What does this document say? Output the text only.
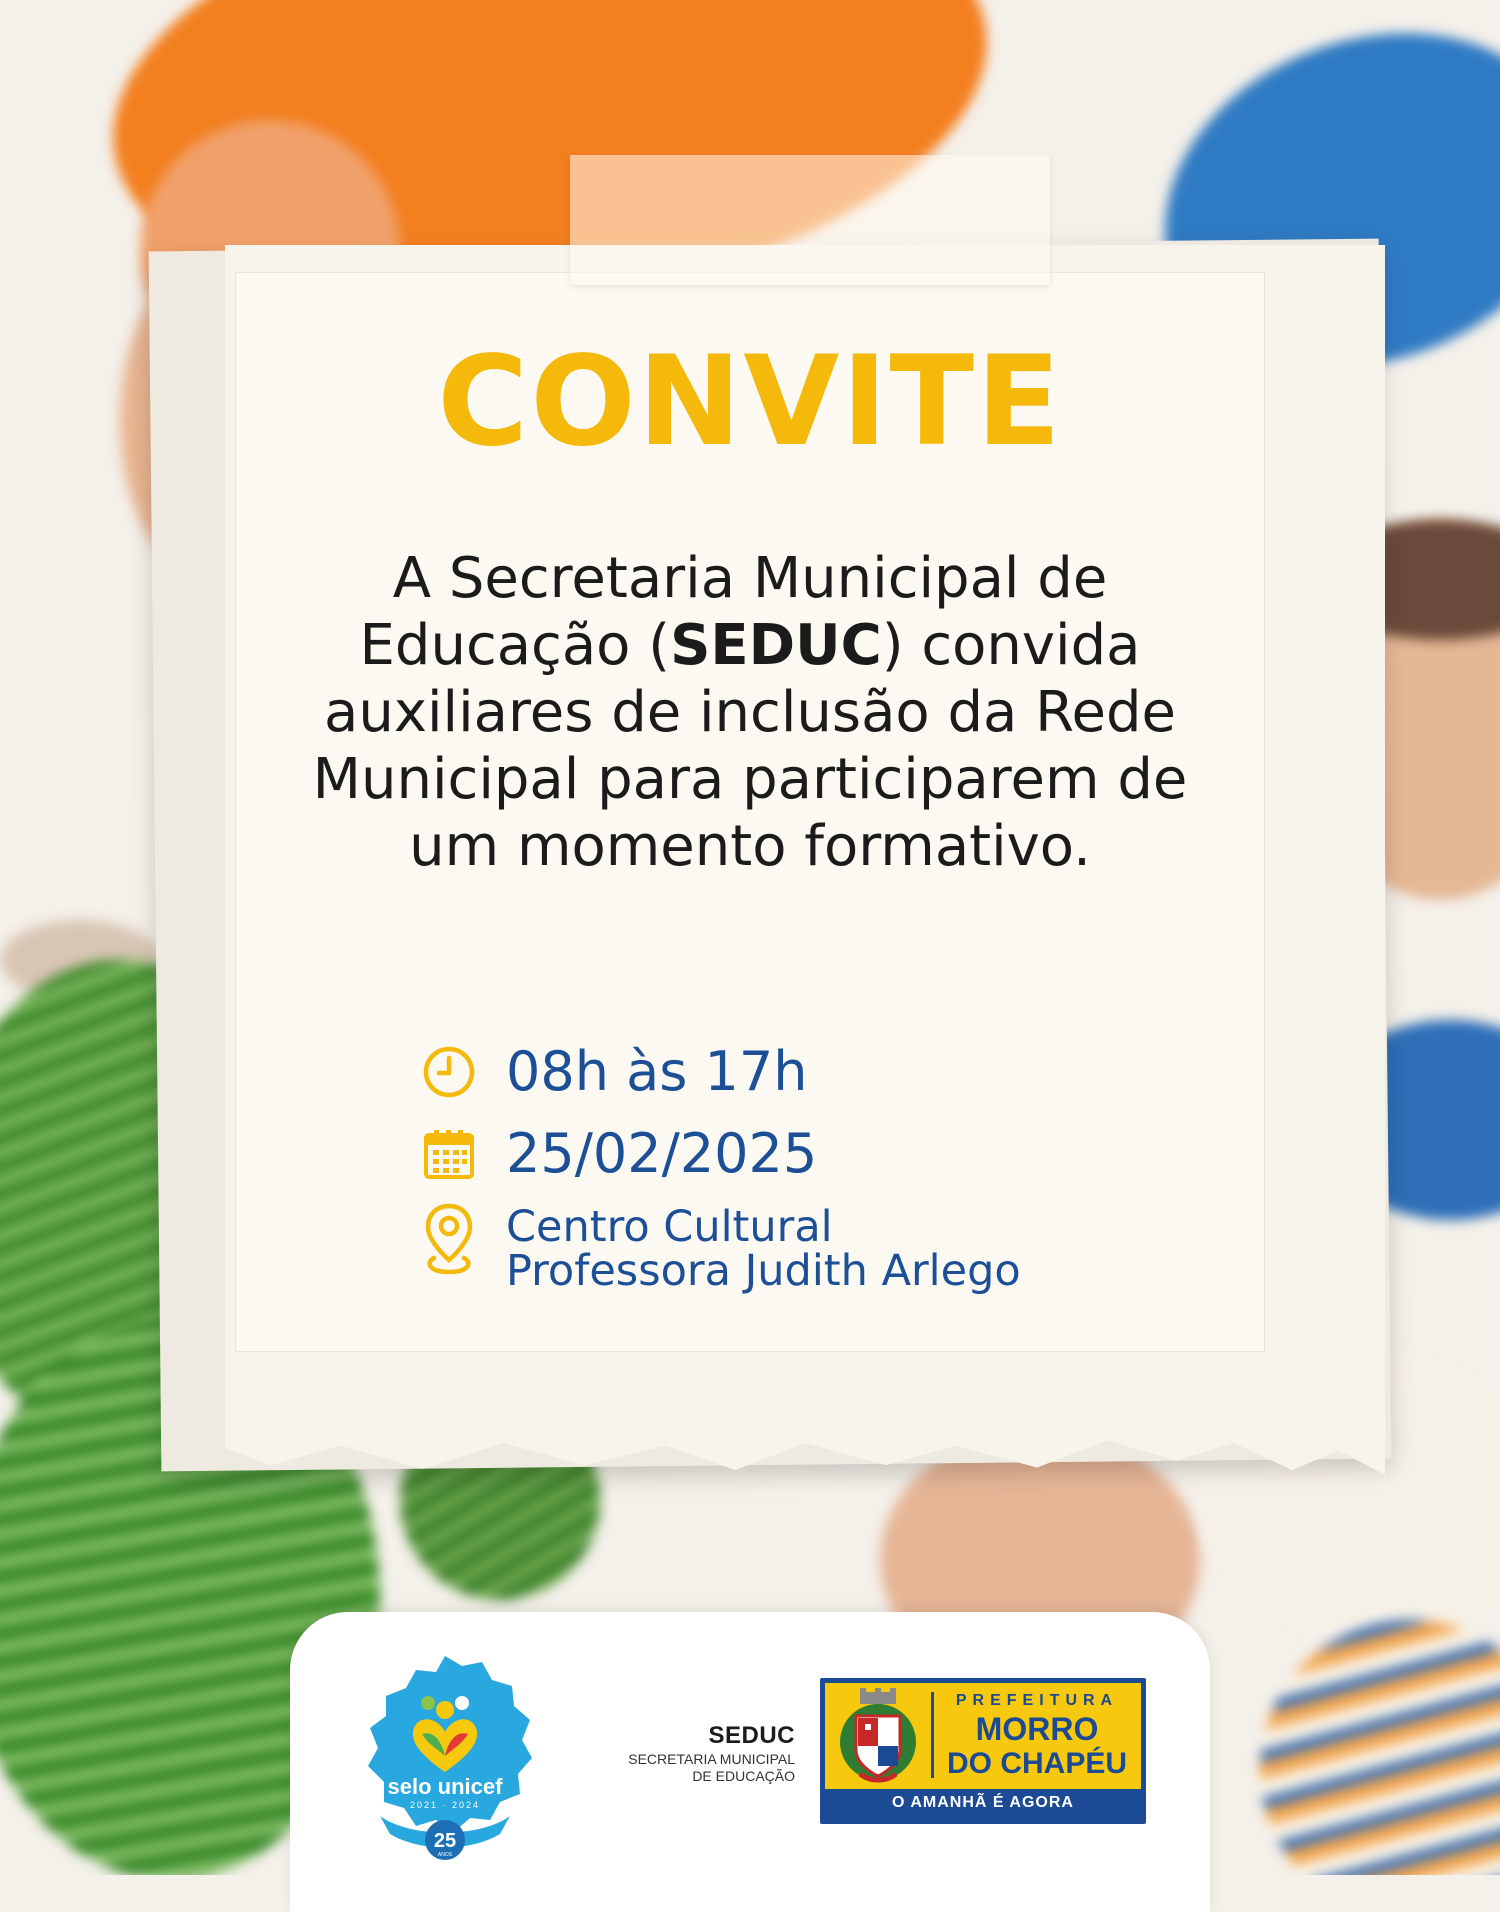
CONVITE
A Secretaria Municipal de Educação (SEDUC) convida auxiliares de inclusão da Rede Municipal para participarem de um momento formativo.
08h às 17h
25/02/2025
Centro Cultural
Professora Judith Arlego
selo unicef
2021 · 2024
25
ANOS
SEDUC
SECRETARIA MUNICIPAL
DE EDUCAÇÃO
PREFEITURA
MORRO
DO CHAPÉU
O AMANHÃ É AGORA
